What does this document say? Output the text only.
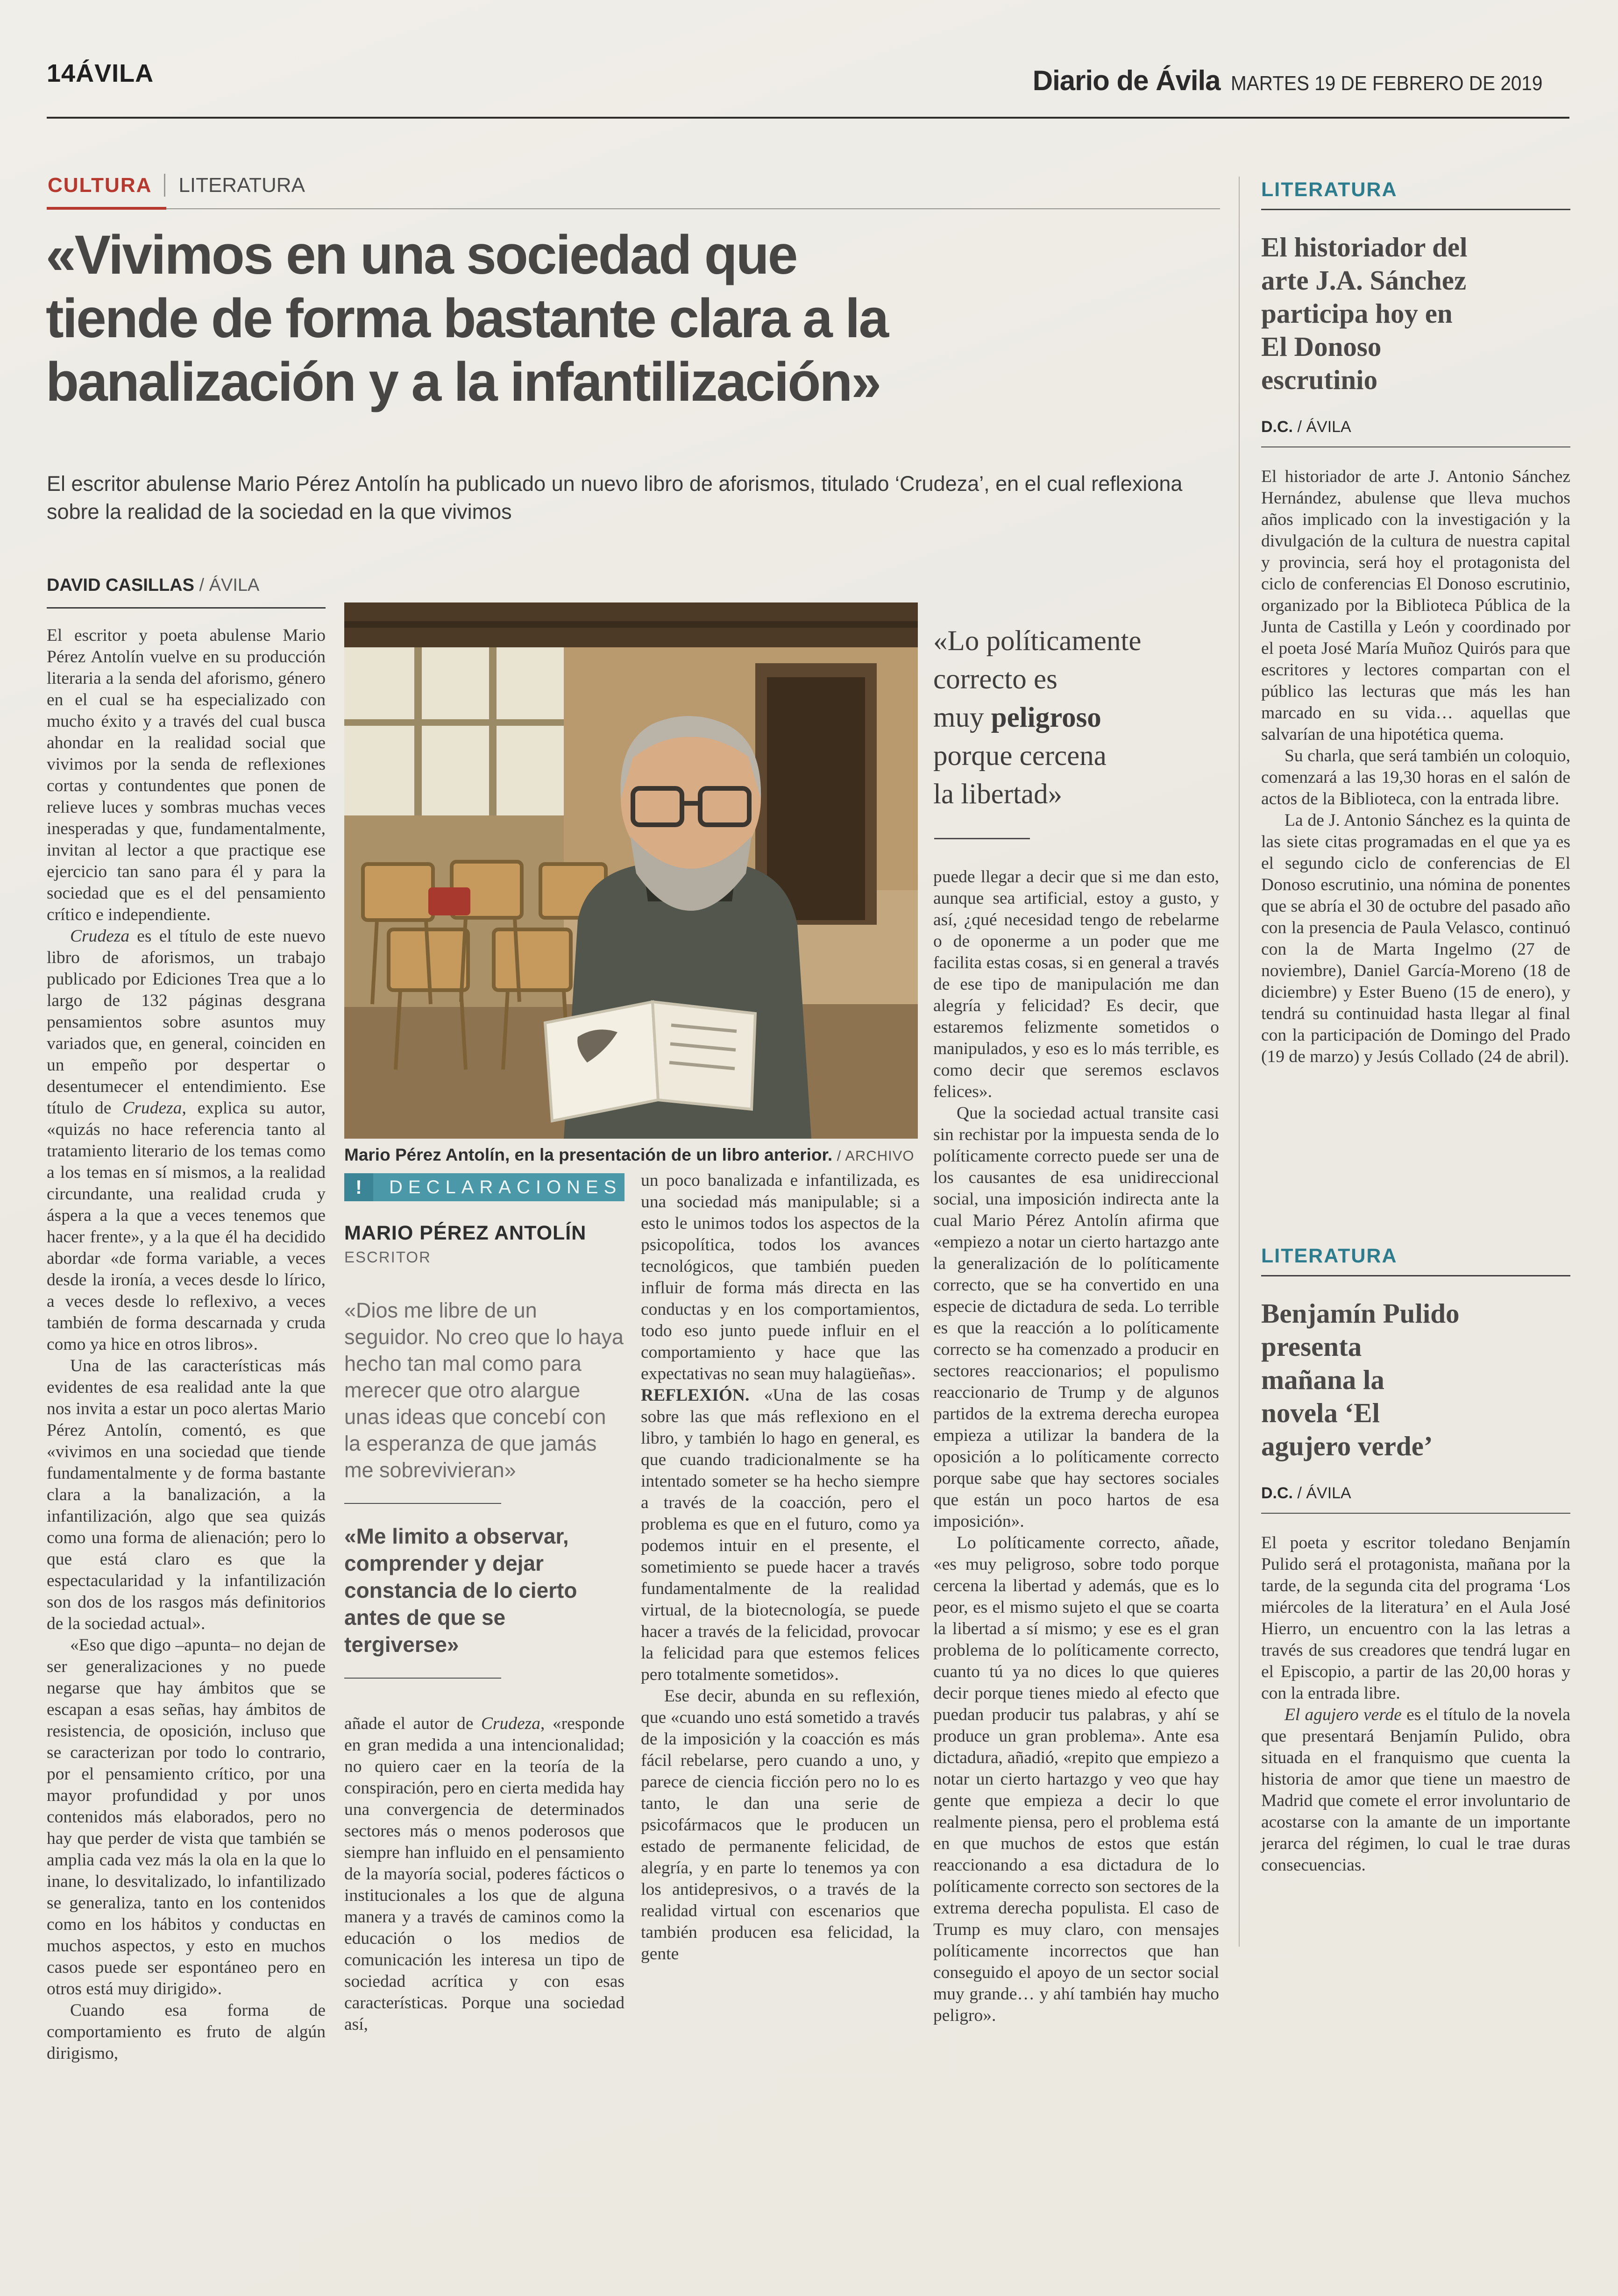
14ÁVILA	Diario de Ávila MARTES 19 DE FEBRERO DE 2019
CULTURA LITERATURA
«Vivimos en una sociedad que
tiende de forma bastante clara a la
banalización y a la infantilización»
El escritor abulense Mario Pérez Antolín ha publicado un nuevo libro de aforismos, titulado ‘Crudeza’, en el cual reflexiona sobre la realidad de la sociedad en la que vivimos
DAVID CASILLAS / ÁVILA

El escritor y poeta abulense Mario Pérez Antolín vuelve en su producción literaria a la senda del aforismo, género en el cual se ha especializado con mucho éxito y a través del cual busca ahondar en la realidad social que vivimos por la senda de reflexiones cortas y contundentes que ponen de relieve luces y sombras muchas veces inesperadas y que, fundamentalmente, invitan al lector a que practique ese ejercicio tan sano para él y para la sociedad que es el del pensamiento crítico e independiente.

Crudeza es el título de este nuevo libro de aforismos, un trabajo publicado por Ediciones Trea que a lo largo de 132 páginas desgrana pensamientos sobre asuntos muy variados que, en general, coinciden en un empeño por despertar o desentumecer el entendimiento. Ese título de Crudeza, explica su autor, «quizás no hace referencia tanto al tratamiento literario de los temas como a los temas en sí mismos, a la realidad circundante, una realidad cruda y áspera a la que a veces tenemos que hacer frente», y a la que él ha decidido abordar «de forma variable, a veces desde la ironía, a veces desde lo lírico, a veces desde lo reflexivo, a veces también de forma descarnada y cruda como ya hice en otros libros».

Una de las características más evidentes de esa realidad ante la que nos invita a estar un poco alertas Mario Pérez Antolín, comentó, es que «vivimos en una sociedad que tiende fundamentalmente y de forma bastante clara a la banalización, a la infantilización, algo que sea quizás como una forma de alienación; pero lo que está claro es que la espectacularidad y la infantilización son dos de los rasgos más definitorios de la sociedad actual».

«Eso que digo –apunta– no dejan de ser generalizaciones y no puede negarse que hay ámbitos que se escapan a esas señas, hay ámbitos de resistencia, de oposición, incluso que se caracterizan por todo lo contrario, por el pensamiento crítico, por una mayor profundidad y por unos contenidos más elaborados, pero no hay que perder de vista que también se amplia cada vez más la ola en la que lo inane, lo desvitalizado, lo infantilizado se generaliza, tanto en los contenidos como en los hábitos y conductas en muchos aspectos, y esto en muchos casos puede ser espontáneo pero en otros está muy dirigido».

Cuando esa forma de comportamiento es fruto de algún dirigismo,

Mario Pérez Antolín, en la presentación de un libro anterior. / ARCHIVO
!	DECLARACIONES
MARIO PÉREZ ANTOLÍN
ESCRITOR
«Dios me libre de un seguidor. No creo que lo haya hecho tan mal como para merecer que otro alargue unas ideas que concebí con la esperanza de que jamás me sobrevivieran»
«Me limito a observar, comprender y dejar constancia de lo cierto antes de que se tergiverse»

añade el autor de Crudeza, «responde en gran medida a una intencionalidad; no quiero caer en la teoría de la conspiración, pero en cierta medida hay una convergencia de determinados sectores más o menos poderosos que siempre han influido en el pensamiento de la mayoría social, poderes fácticos o institucionales a los que de alguna manera y a través de caminos como la educación o los medios de comunicación les interesa un tipo de sociedad acrítica y con esas características. Porque una sociedad así,

un poco banalizada e infantilizada, es una sociedad más manipulable; si a esto le unimos todos los aspectos de la psicopolítica, todos los avances tecnológicos, que también pueden influir de forma más directa en las conductas y en los comportamientos, todo eso junto puede influir en el comportamiento y hace que las expectativas no sean muy halagüeñas».

REFLEXIÓN. «Una de las cosas sobre las que más reflexiono en el libro, y también lo hago en general, es que cuando tradicionalmente se ha intentado someter se ha hecho siempre a través de la coacción, pero el problema es que en el futuro, como ya podemos intuir en el presente, el sometimiento se puede hacer a través fundamentalmente de la realidad virtual, de la biotecnología, se puede hacer a través de la felicidad, provocar la felicidad para que estemos felices pero totalmente sometidos».

Ese decir, abunda en su reflexión, que «cuando uno está sometido a través de la imposición y la coacción es más fácil rebelarse, pero cuando a uno, y parece de ciencia ficción pero no lo es tanto, le dan una serie de psicofármacos que le producen un estado de permanente felicidad, de alegría, y en parte lo tenemos ya con los antidepresivos, o a través de la realidad virtual con escenarios que también producen esa felicidad, la gente

«Lo políticamente
correcto es
muy peligroso
porque cercena
la libertad»

puede llegar a decir que si me dan esto, aunque sea artificial, estoy a gusto, y así, ¿qué necesidad tengo de rebelarme o de oponerme a un poder que me facilita estas cosas, si en general a través de ese tipo de manipulación me dan alegría y felicidad? Es decir, que estaremos felizmente sometidos o manipulados, y eso es lo más terrible, es como decir que seremos esclavos felices».

Que la sociedad actual transite casi sin rechistar por la impuesta senda de lo políticamente correcto puede ser una de los causantes de esa unidireccional social, una imposición indirecta ante la cual Mario Pérez Antolín afirma que «empiezo a notar un cierto hartazgo ante la generalización de lo políticamente correcto, que se ha convertido en una especie de dictadura de seda. Lo terrible es que la reacción a lo políticamente correcto se ha comenzado a producir en sectores reaccionarios; el populismo reaccionario de Trump y de algunos partidos de la extrema derecha europea empieza a utilizar la bandera de la oposición a lo políticamente correcto porque sabe que hay sectores sociales que están un poco hartos de esa imposición».

Lo políticamente correcto, añade, «es muy peligroso, sobre todo porque cercena la libertad y además, que es lo peor, es el mismo sujeto el que se coarta la libertad a sí mismo; y ese es el gran problema de lo políticamente correcto, cuanto tú ya no dices lo que quieres decir porque tienes miedo al efecto que puedan producir tus palabras, y ahí se produce un gran problema». Ante esa dictadura, añadió, «repito que empiezo a notar un cierto hartazgo y veo que hay gente que empieza a decir lo que realmente piensa, pero el problema está en que muchos de estos que están reaccionando a esa dictadura de lo políticamente correcto son sectores de la extrema derecha populista. El caso de Trump es muy claro, con mensajes políticamente incorrectos que han conseguido el apoyo de un sector social muy grande… y ahí también hay mucho peligro».

LITERATURA
El historiador del
arte J.A. Sánchez
participa hoy en
El Donoso
escrutinio
D.C. / ÁVILA

El historiador de arte J. Antonio Sánchez Hernández, abulense que lleva muchos años implicado con la investigación y la divulgación de la cultura de nuestra capital y provincia, será hoy el protagonista del ciclo de conferencias El Donoso escrutinio, organizado por la Biblioteca Pública de la Junta de Castilla y León y coordinado por el poeta José María Muñoz Quirós para que escritores y lectores compartan con el público las lecturas que más les han marcado en su vida… aquellas que salvarían de una hipotética quema.

Su charla, que será también un coloquio, comenzará a las 19,30 horas en el salón de actos de la Biblioteca, con la entrada libre.

La de J. Antonio Sánchez es la quinta de las siete citas programadas en el que ya es el segundo ciclo de conferencias de El Donoso escrutinio, una nómina de ponentes que se abría el 30 de octubre del pasado año con la presencia de Paula Velasco, continuó con la de Marta Ingelmo (27 de noviembre), Daniel García-Moreno (18 de diciembre) y Ester Bueno (15 de enero), y tendrá su continuidad hasta llegar al final con la participación de Domingo del Prado (19 de marzo) y Jesús Collado (24 de abril).

LITERATURA
Benjamín Pulido
presenta
mañana la
novela ‘El
agujero verde’
D.C. / ÁVILA

El poeta y escritor toledano Benjamín Pulido será el protagonista, mañana por la tarde, de la segunda cita del programa ‘Los miércoles de la literatura’ en el Aula José Hierro, un encuentro con la las letras a través de sus creadores que tendrá lugar en el Episcopio, a partir de las 20,00 horas y con la entrada libre.

El agujero verde es el título de la novela que presentará Benjamín Pulido, obra situada en el franquismo que cuenta la historia de amor que tiene un maestro de Madrid que comete el error involuntario de acostarse con la amante de un importante jerarca del régimen, lo cual le trae duras consecuencias.
